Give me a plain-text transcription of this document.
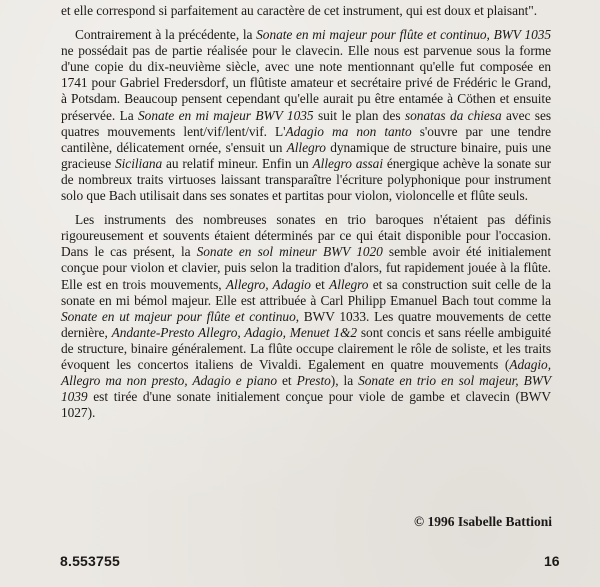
et elle correspond si parfaitement au caractère de cet instrument, qui est doux et plaisant".

Contrairement à la précédente, la Sonate en mi majeur pour flûte et continuo, BWV 1035 ne possédait pas de partie réalisée pour le clavecin. Elle nous est parvenue sous la forme d'une copie du dix-neuvième siècle, avec une note mentionnant qu'elle fut composée en 1741 pour Gabriel Fredersdorf, un flûtiste amateur et secrétaire privé de Frédéric le Grand, à Potsdam. Beaucoup pensent cependant qu'elle aurait pu être entamée à Cöthen et ensuite préservée. La Sonate en mi majeur BWV 1035 suit le plan des sonatas da chiesa avec ses quatres mouvements lent/vif/lent/vif. L'Adagio ma non tanto s'ouvre par une tendre cantilène, délicatement ornée, s'ensuit un Allegro dynamique de structure binaire, puis une gracieuse Siciliana au relatif mineur. Enfin un Allegro assai énergique achève la sonate sur de nombreux traits virtuoses laissant transparaître l'écriture polyphonique pour instrument solo que Bach utilisait dans ses sonates et partitas pour violon, violoncelle et flûte seuls.

Les instruments des nombreuses sonates en trio baroques n'étaient pas définis rigoureusement et souvents étaient déterminés par ce qui était disponible pour l'occasion. Dans le cas présent, la Sonate en sol mineur BWV 1020 semble avoir été initialement conçue pour violon et clavier, puis selon la tradition d'alors, fut rapidement jouée à la flûte. Elle est en trois mouvements, Allegro, Adagio et Allegro et sa construction suit celle de la sonate en mi bémol majeur. Elle est attribuée à Carl Philipp Emanuel Bach tout comme la Sonate en ut majeur pour flûte et continuo, BWV 1033. Les quatre mouvements de cette dernière, Andante-Presto Allegro, Adagio, Menuet 1&2 sont concis et sans réelle ambiguité de structure, binaire généralement. La flûte occupe clairement le rôle de soliste, et les traits évoquent les concertos italiens de Vivaldi. Egalement en quatre mouvements (Adagio, Allegro ma non presto, Adagio e piano et Presto), la Sonate en trio en sol majeur, BWV 1039 est tirée d'une sonate initialement conçue pour viole de gambe et clavecin (BWV 1027).

© 1996 Isabelle Battioni
8.553755	16
